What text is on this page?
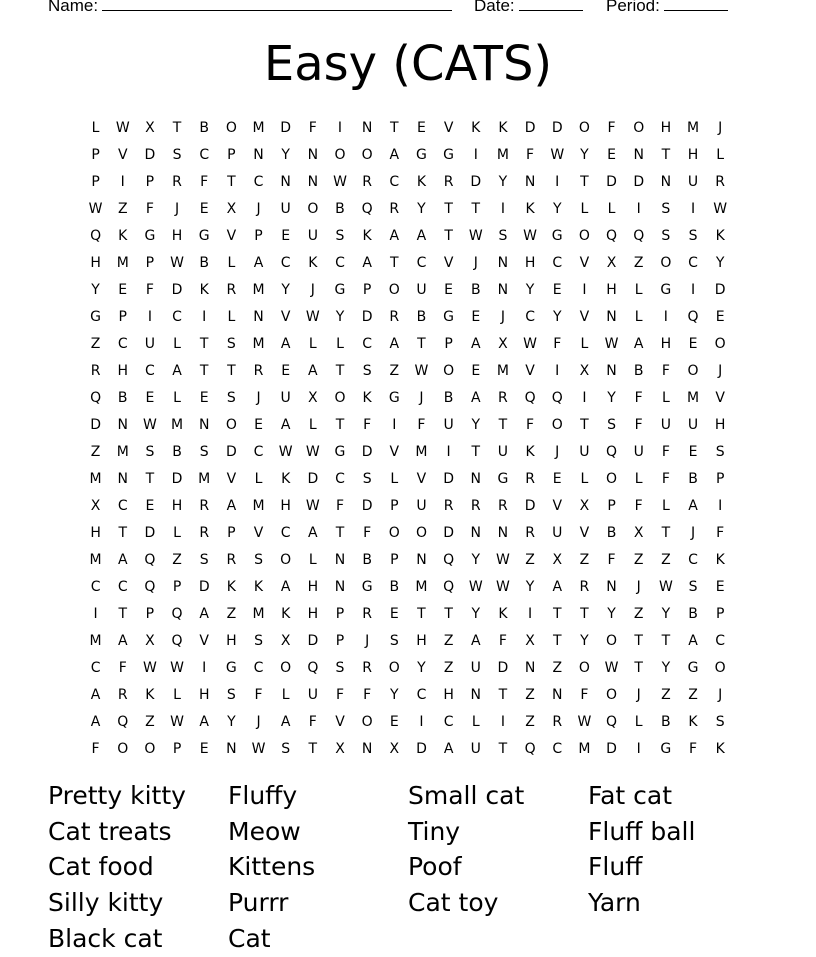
Name:	Date:	Period:
Easy (CATS)
L	W	X	T	B	O	M	D	F	I	N	T	E	V	K	K	D	D	O	F	O	H	M	J
P	V	D	S	C	P	N	Y	N	O	O	A	G	G	I	M	F	W	Y	E	N	T	H	L
P	I	P	R	F	T	C	N	N	W	R	C	K	R	D	Y	N	I	T	D	D	N	U	R
W	Z	F	J	E	X	J	U	O	B	Q	R	Y	T	T	I	K	Y	L	L	I	S	I	W
Q	K	G	H	G	V	P	E	U	S	K	A	A	T	W	S	W	G	O	Q	Q	S	S	K
H	M	P	W	B	L	A	C	K	C	A	T	C	V	J	N	H	C	V	X	Z	O	C	Y
Y	E	F	D	K	R	M	Y	J	G	P	O	U	E	B	N	Y	E	I	H	L	G	I	D
G	P	I	C	I	L	N	V	W	Y	D	R	B	G	E	J	C	Y	V	N	L	I	Q	E
Z	C	U	L	T	S	M	A	L	L	C	A	T	P	A	X	W	F	L	W	A	H	E	O
R	H	C	A	T	T	R	E	A	T	S	Z	W	O	E	M	V	I	X	N	B	F	O	J
Q	B	E	L	E	S	J	U	X	O	K	G	J	B	A	R	Q	Q	I	Y	F	L	M	V
D	N	W	M	N	O	E	A	L	T	F	I	F	U	Y	T	F	O	T	S	F	U	U	H
Z	M	S	B	S	D	C	W W	G	D	V	M	I	T	U	K	J	U	Q	U	F	E	S
M	N	T	D	M	V	L	K	D	C	S	L	V	D	N	G	R	E	L	O	L	F	B	P
X	C	E	H	R	A	M	H	W	F	D	P	U	R	R	R	D	V	X	P	F	L	A	I
H	T	D	L	R	P	V	C	A	T	F	O	O	D	N	N	R	U	V	B	X	T	J	F
M	A	Q	Z	S	R	S	O	L	N	B	P	N	Q	Y	W	Z	X	Z	F	Z	Z	C	K
C	C	Q	P	D	K	K	A	H	N	G	B	M	Q	W W	Y	A	R	N	J	W	S	E
I	T	P	Q	A	Z	M	K	H	P	R	E	T	T	Y	K	I	T	T	Y	Z	Y	B	P
M	A	X	Q	V	H	S	X	D	P	J	S	H	Z	A	F	X	T	Y	O	T	T	A	C
C	F	W W	I	G	C	O	Q	S	R	O	Y	Z	U	D	N	Z	O	W	T	Y	G	O
A	R	K	L	H	S	F	L	U	F	F	Y	C	H	N	T	Z	N	F	O	J	Z	Z	J
A	Q	Z	W	A	Y	J	A	F	V	O	E	I	C	L	I	Z	R	W	Q	L	B	K	S
F	O	O	P	E	N	W	S	T	X	N	X	D	A	U	T	Q	C	M	D	I	G	F	K
Pretty kitty
Cat treats
Cat food
Silly kitty
Black cat
Fluffy
Meow
Kittens
Purrr
Cat
Small cat
Tiny
Poof
Cat toy
Fat cat
Fluff ball
Fluff
Yarn
